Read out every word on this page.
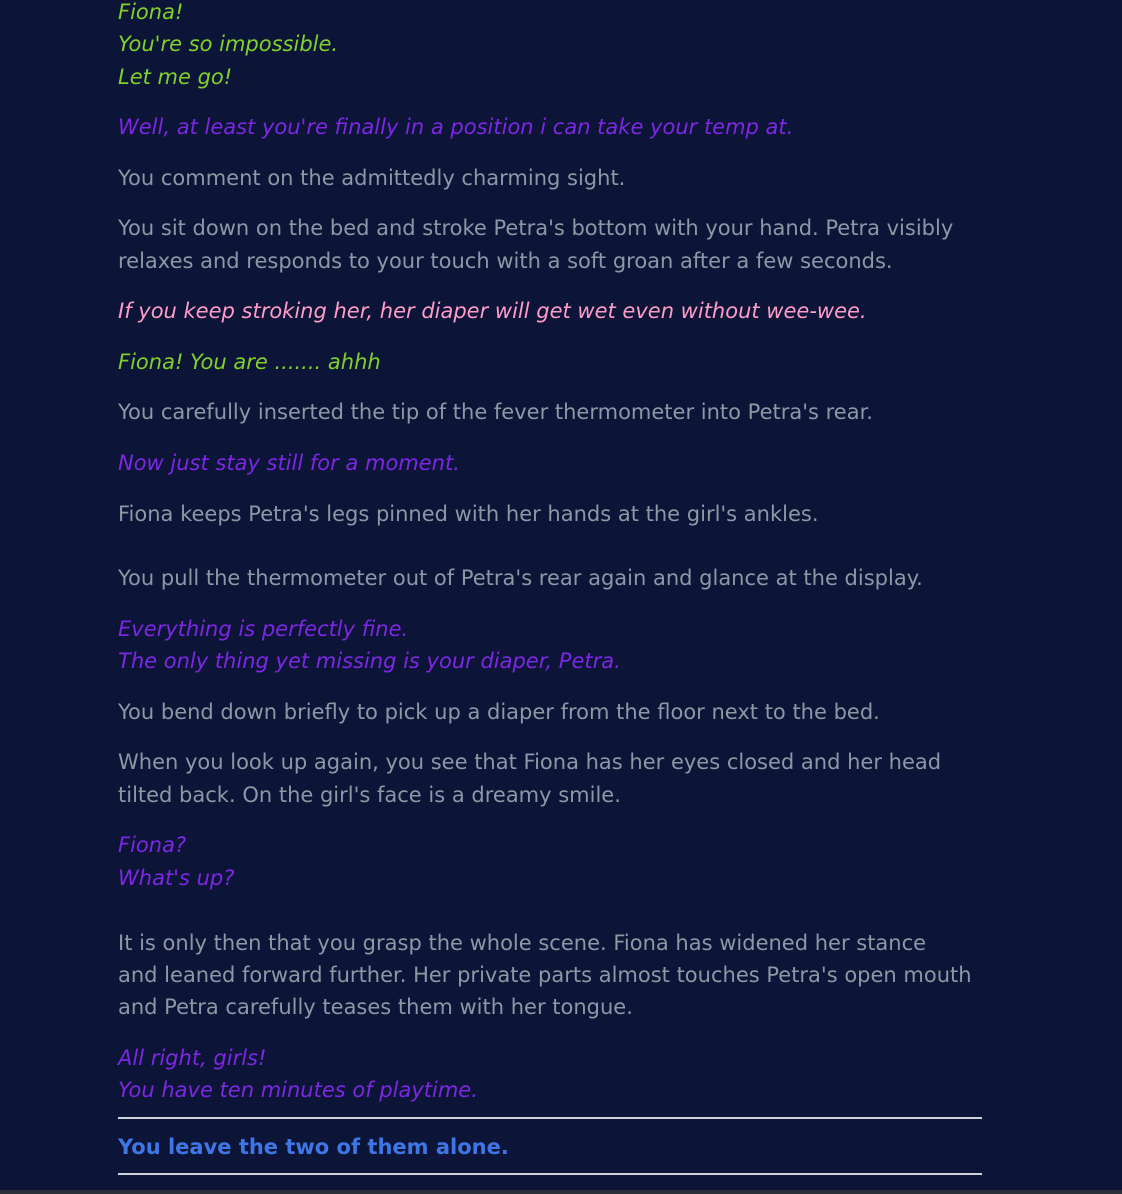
Fiona!
You're so impossible.
Let me go!
Well, at least you're finally in a position i can take your temp at.
You comment on the admittedly charming sight.
You sit down on the bed and stroke Petra's bottom with your hand. Petra visibly
relaxes and responds to your touch with a soft groan after a few seconds.
If you keep stroking her, her diaper will get wet even without wee-wee.
Fiona! You are ....... ahhh
You carefully inserted the tip of the fever thermometer into Petra's rear.
Now just stay still for a moment.
Fiona keeps Petra's legs pinned with her hands at the girl's ankles.
You pull the thermometer out of Petra's rear again and glance at the display.
Everything is perfectly fine.
The only thing yet missing is your diaper, Petra.
You bend down briefly to pick up a diaper from the floor next to the bed.
When you look up again, you see that Fiona has her eyes closed and her head
tilted back. On the girl's face is a dreamy smile.
Fiona?
What's up?
It is only then that you grasp the whole scene. Fiona has widened her stance
and leaned forward further. Her private parts almost touches Petra's open mouth
and Petra carefully teases them with her tongue.
All right, girls!
You have ten minutes of playtime.
You leave the two of them alone.
